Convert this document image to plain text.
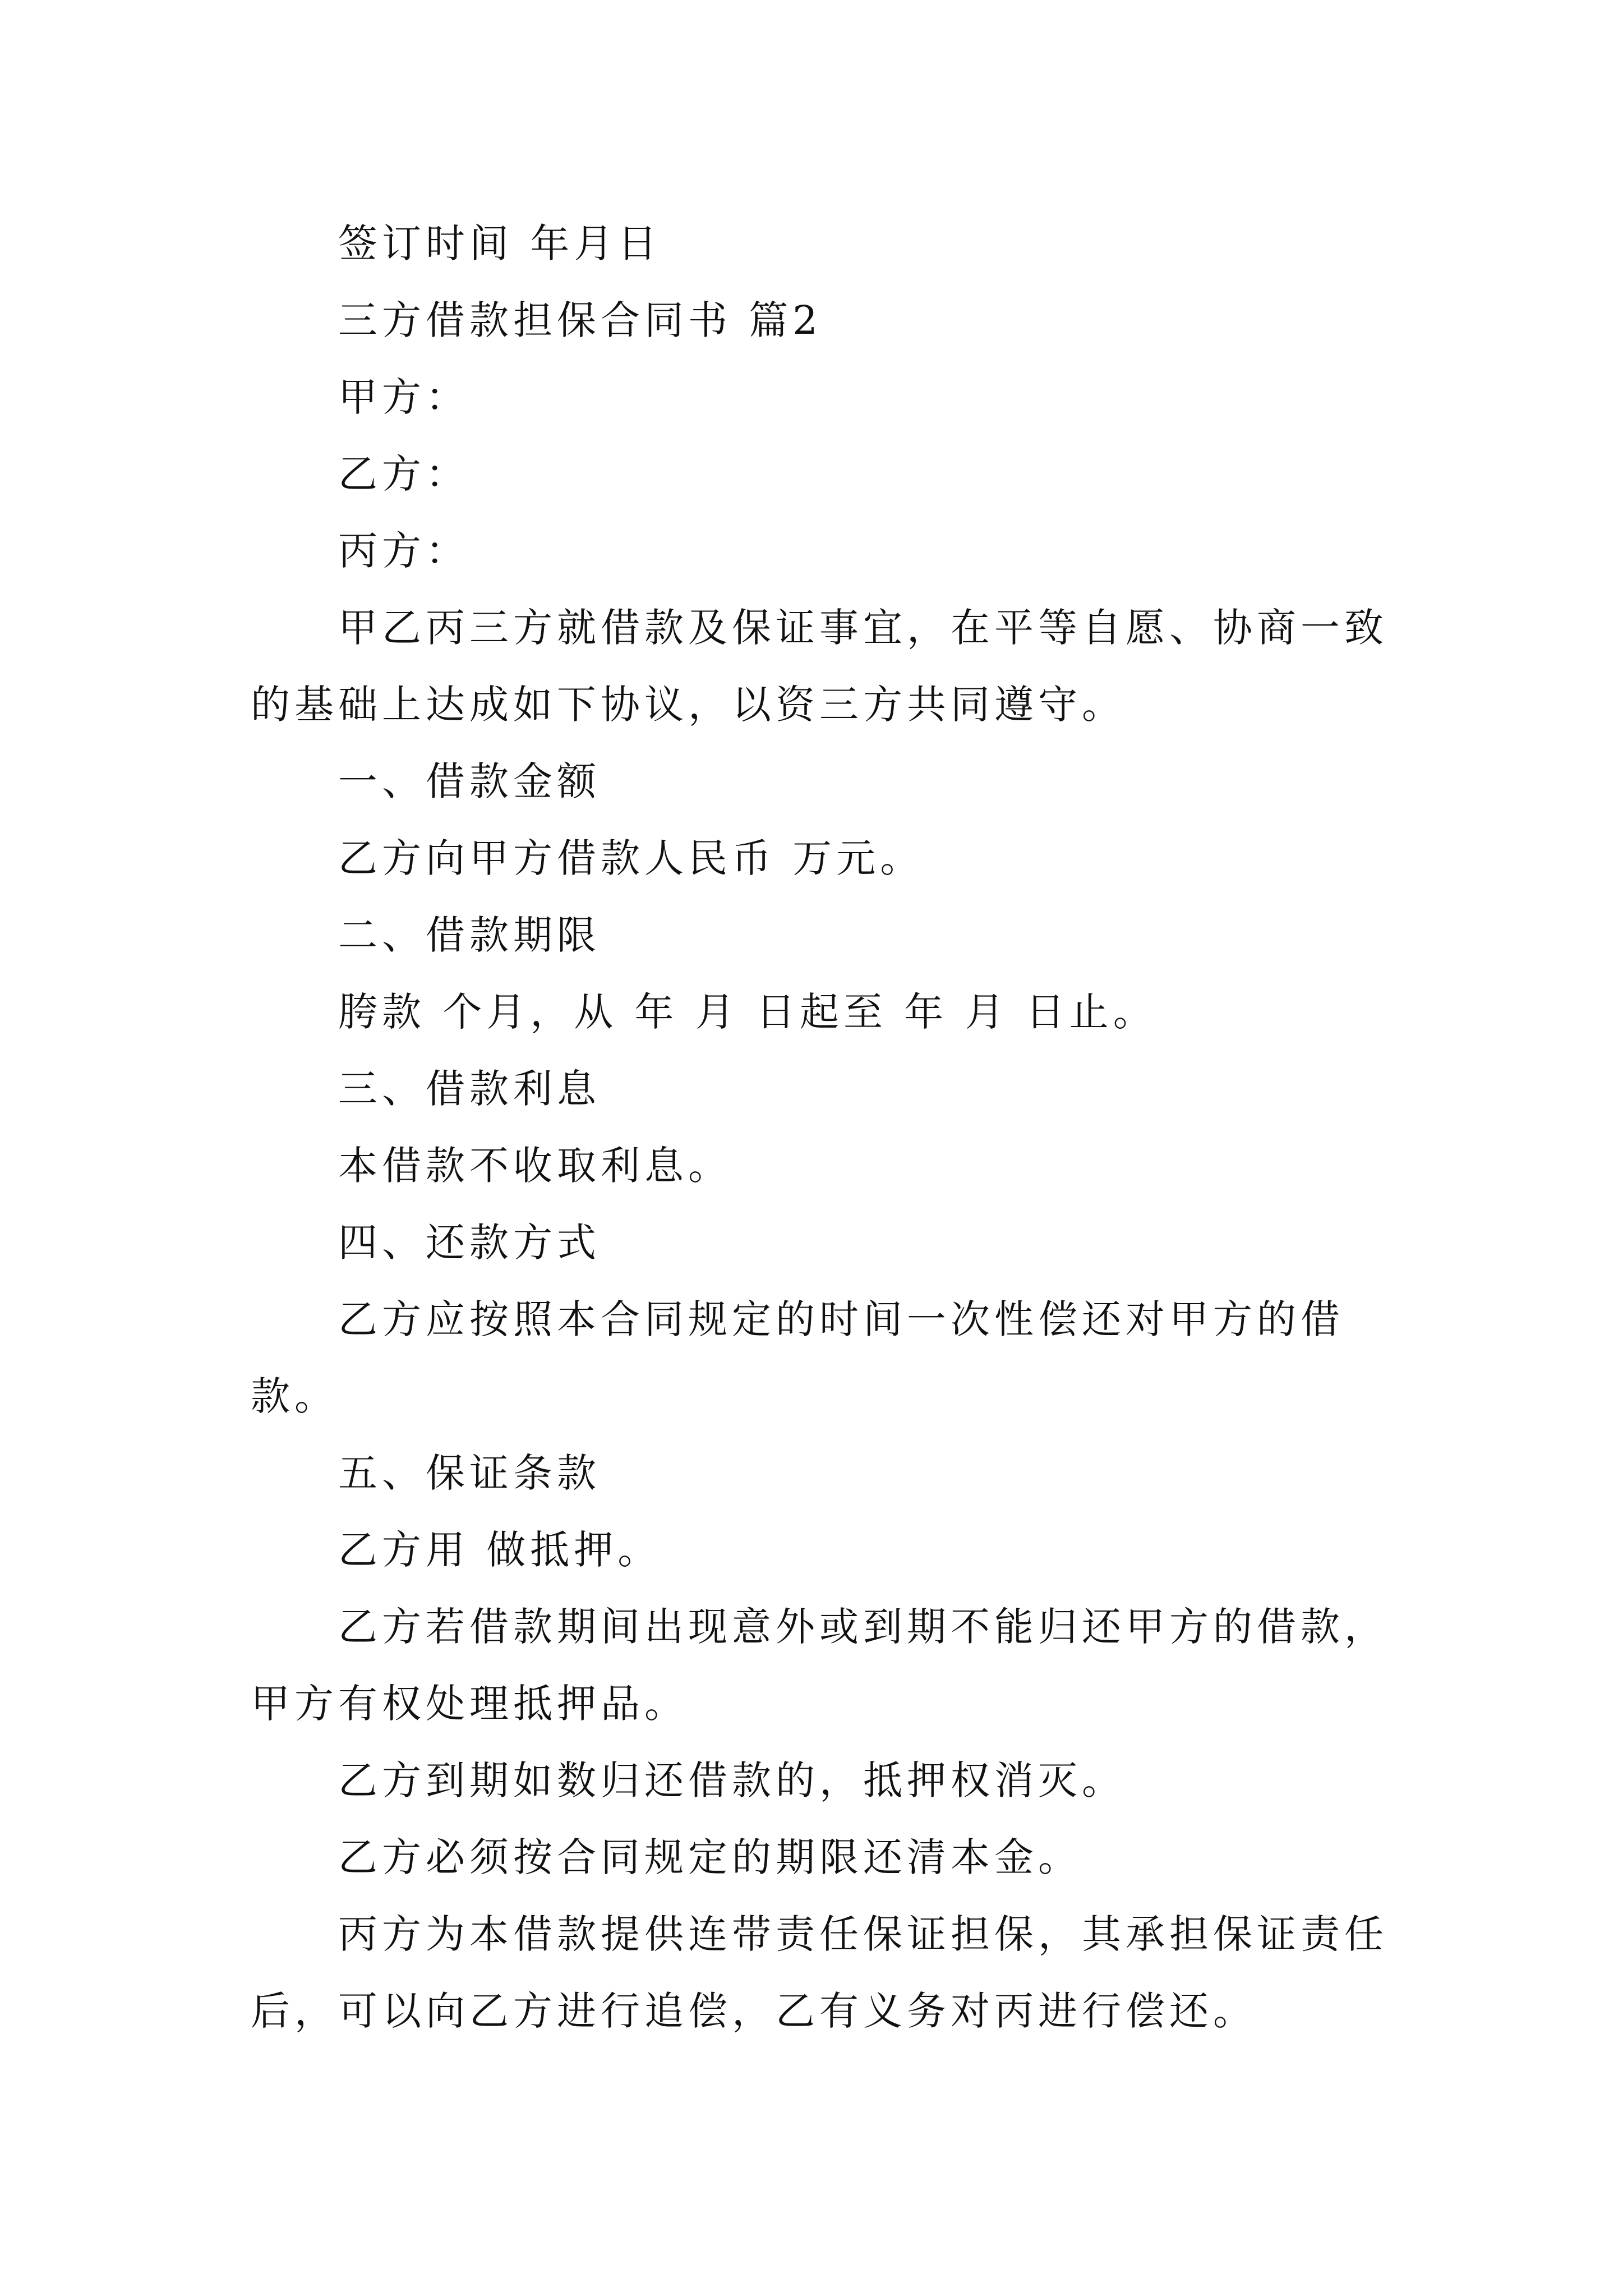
签订时间 年月日
三方借款担保合同书 篇2
甲方：
乙方：
丙方：
甲乙丙三方就借款及保证事宜，在平等自愿、协商一致
的基础上达成如下协议，以资三方共同遵守。
一、借款金额
乙方向甲方借款人民币 万元。
二、借款期限
胯款 个月，从 年 月 日起至 年 月 日止。
三、借款利息
本借款不收取利息。
四、还款方式
乙方应按照本合同规定的时间一次性偿还对甲方的借
款。
五、保证条款
乙方用 做抵押。
乙方若借款期间出现意外或到期不能归还甲方的借款，
甲方有权处理抵押品。
乙方到期如数归还借款的，抵押权消灭。
乙方必须按合同规定的期限还清本金。
丙方为本借款提供连带责任保证担保，其承担保证责任
后，可以向乙方进行追偿，乙有义务对丙进行偿还。
